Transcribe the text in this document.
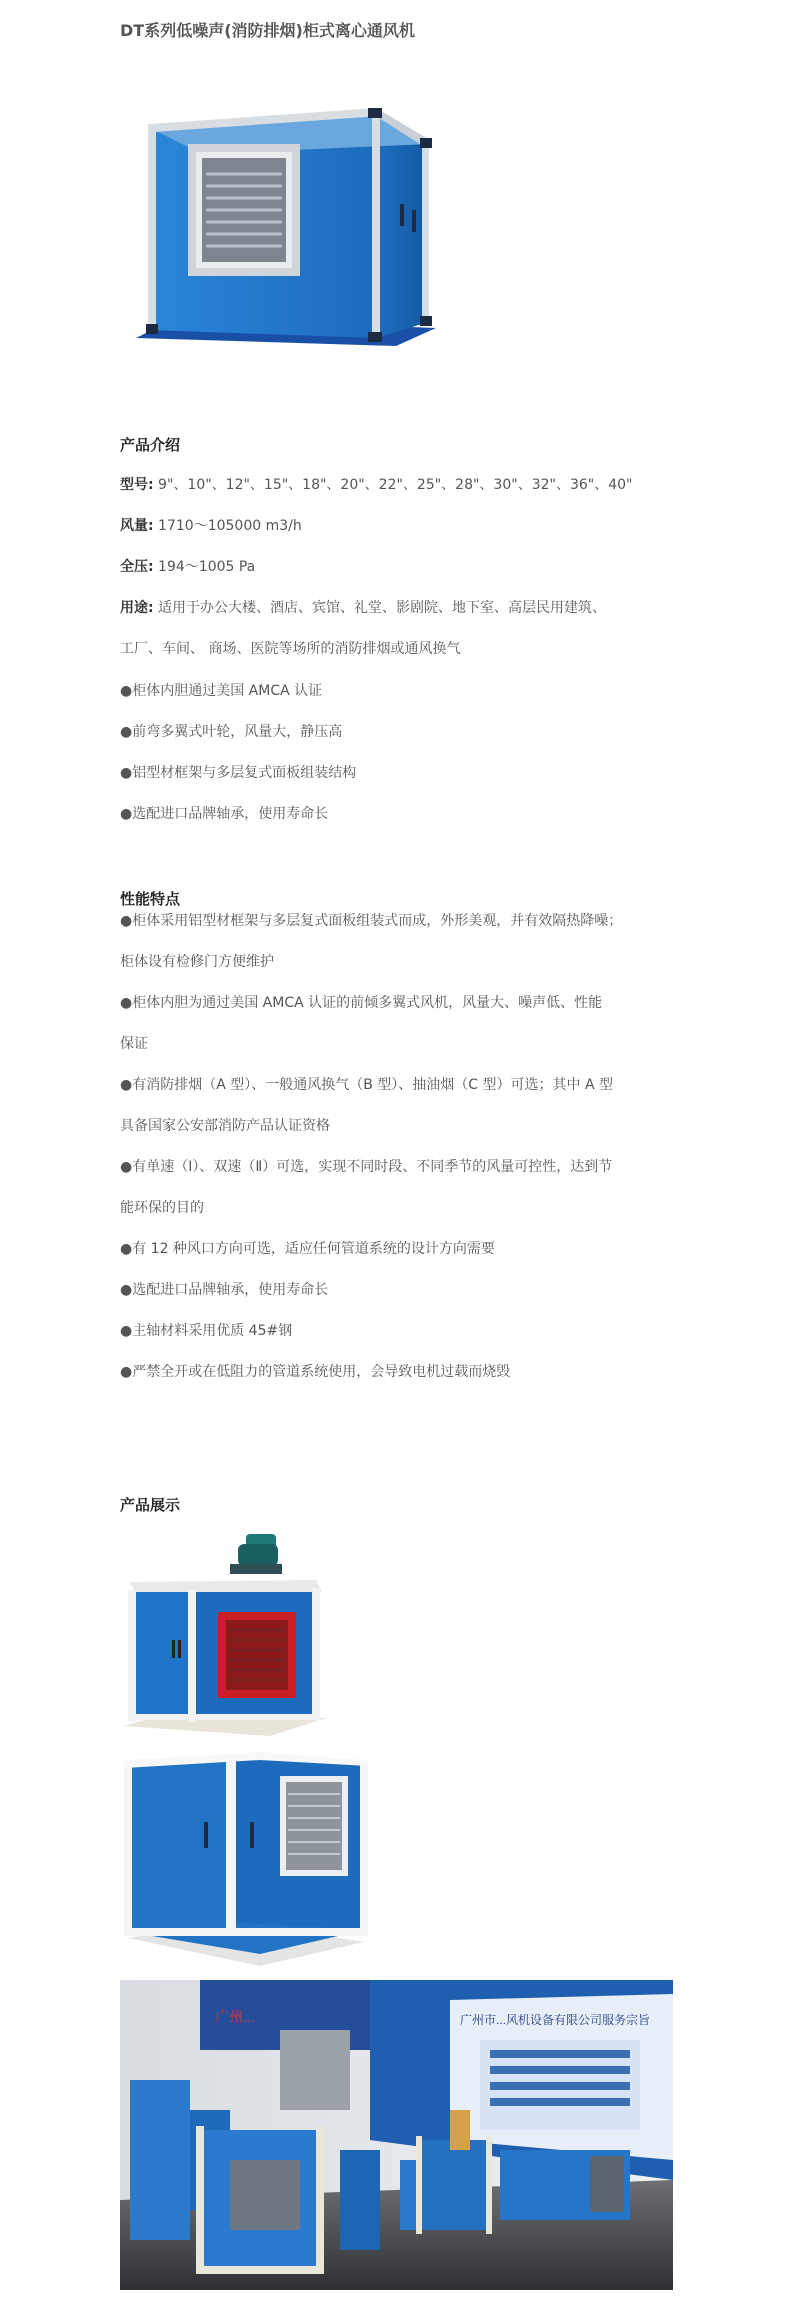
DT系列低噪声(消防排烟)柜式离心通风机
产品介绍
型号: 9"、10"、12"、15"、18"、20"、22"、25"、28"、30"、32"、36"、40"
风量: 1710～105000 m3/h
全压: 194～1005 Pa
用途: 适用于办公大楼、酒店、宾馆、礼堂、影剧院、地下室、高层民用建筑、
工厂、车间、 商场、医院等场所的消防排烟或通风换气
●柜体内胆通过美国 AMCA 认证
●前弯多翼式叶轮，风量大，静压高
●铝型材框架与多层复式面板组装结构
●选配进口品牌轴承，使用寿命长
性能特点
●柜体采用铝型材框架与多层复式面板组装式而成，外形美观，并有效隔热降噪；
柜体设有检修门方便维护
●柜体内胆为通过美国 AMCA 认证的前倾多翼式风机，风量大、噪声低、性能
保证
●有消防排烟（A 型）、一般通风换气（B 型）、抽油烟（C 型）可选；其中 A 型
具备国家公安部消防产品认证资格
●有单速（Ⅰ）、双速（Ⅱ）可选，实现不同时段、不同季节的风量可控性，达到节
能环保的目的
●有 12 种风口方向可选，适应任何管道系统的设计方向需要
●选配进口品牌轴承，使用寿命长
●主轴材料采用优质 45#钢
●严禁全开或在低阻力的管道系统使用，会导致电机过载而烧毁
产品展示
广州...	广州市...风机设备有限公司服务宗旨
